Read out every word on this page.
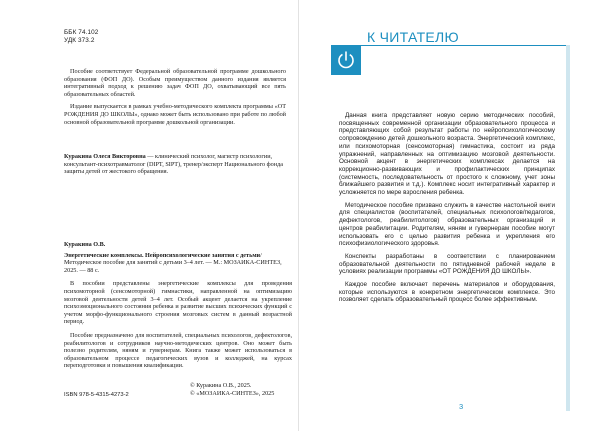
ББК 74.102
УДК 373.2

Пособие соответствует Федеральной образовательной программе дошкольного образования (ФОП ДО). Особым преимуществом данного издания является интегративный подход к решению задач ФОП ДО, охватывающий все пять образовательных областей.

Издание выпускается в рамках учебно-методического комплекта программы «ОТ РОЖДЕНИЯ ДО ШКОЛЫ», однако может быть использовано при работе по любой основной образовательной программе дошкольной организации.

Куракина Олеся Викторовна — клинический психолог, магистр психологии, консультант-психотравматолог (DIPT, SIPT), тренер/эксперт Национального фонда защиты детей от жестокого обращения.

Куракина О.В.

Энергетические комплексы. Нейропсихологические занятия с детьми/Методическое пособие для занятий с детьми 3–4 лет. — М.: МОЗАИКА-СИНТЕЗ, 2025. — 88 с.

В пособии представлены энергетические комплексы для проведения психомоторной (сенсомоторной) гимнастики, направленной на оптимизацию мозговой деятельности детей 3–4 лет. Особый акцент делается на укрепление психоэмоционального состояния ребенка и развитие высших психических функций с учетом морфо-функционального строения мозговых систем в данный возрастной период.

Пособие предназначено для воспитателей, специальных психологов, дефектологов, реабилитологов и сотрудников научно-методических центров. Оно может быть полезно родителям, няням и гувернерам. Книга также может использоваться в образовательном процессе педагогических вузов и колледжей, на курсах переподготовки и повышения квалификации.

ISBN 978-5-4315-4273-2
© Куракина О.В., 2025.
© «МОЗАИКА-СИНТЕЗ», 2025
К ЧИТАТЕЛЮ

Данная книга представляет новую серию методических пособий, посвященных современной организации образовательного процесса и представляющих собой результат работы по нейропсихологическому сопровождению детей дошкольного возраста. Энергетический комплекс, или психомоторная (сенсомоторная) гимнастика, состоит из ряда упражнений, направленных на оптимизацию мозговой деятельности. Основной акцент в энергетических комплексах делается на коррекционно-развивающих и профилактических принципах (системность, последовательность от простого к сложному, учет зоны ближайшего развития и т.д.). Комплекс носит интегративный характер и усложняется по мере взросления ребенка.

Методическое пособие призвано служить в качестве настольной книги для специалистов (воспитателей, специальных психологов/педагогов, дефектологов, реабилитологов) образовательных организаций и центров реабилитации. Родителям, няням и гувернерам пособие могут использовать его с целью развития ребенка и укрепления его психофизиологического здоровья.

Конспекты разработаны в соответствии с планированием образовательной деятельности по пятидневной рабочей неделе в условиях реализации программы «ОТ РОЖДЕНИЯ ДО ШКОЛЫ».

Каждое пособие включает перечень материалов и оборудования, которые используются в конкретном энергетическом комплексе. Это позволяет сделать образовательный процесс более эффективным.

3
